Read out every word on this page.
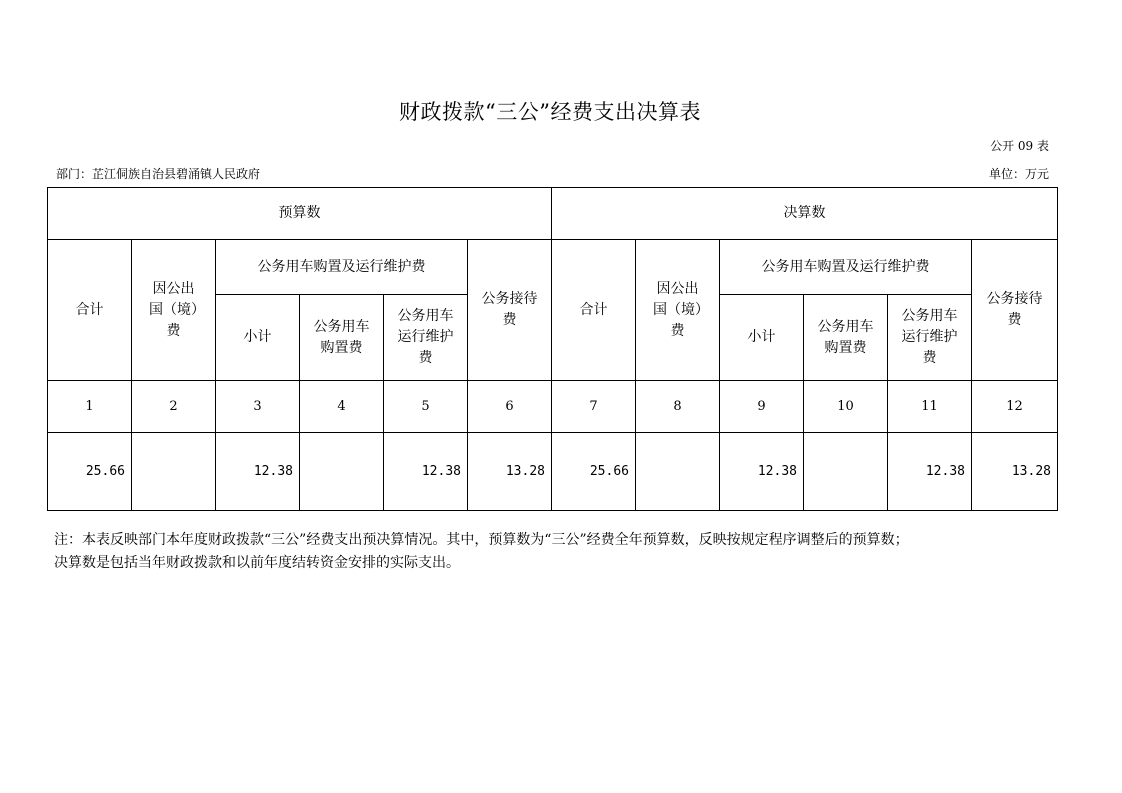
财政拨款“三公”经费支出决算表
公开 09 表
部门：芷江侗族自治县碧涌镇人民政府	单位：万元
预算数						决算数					
合计	因公出国（境）费	公务用车购置及运行维护费			公务接待费	合计	因公出国（境）费	公务用车购置及运行维护费			公务接待费
		小计	公务用车购置费	公务用车运行维护费				小计	公务用车购置费	公务用车运行维护费	
1	2	3	4	5	6	7	8	9	10	11	12
25.66		12.38		12.38	13.28	25.66		12.38		12.38	13.28
注：本表反映部门本年度财政拨款“三公”经费支出预决算情况。其中，预算数为“三公”经费全年预算数，反映按规定程序调整后的预算数；
决算数是包括当年财政拨款和以前年度结转资金安排的实际支出。
